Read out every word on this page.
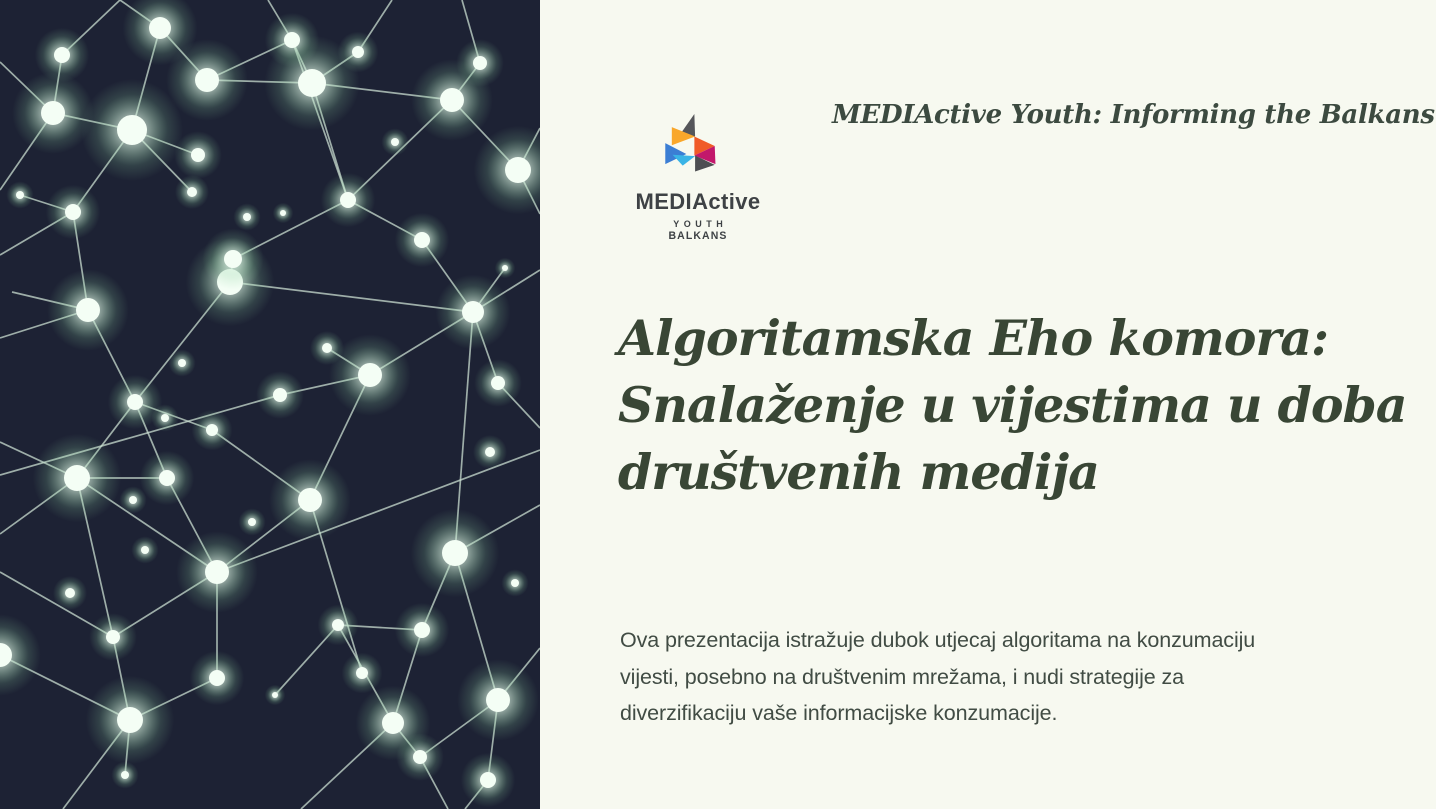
MEDIActive
YOUTH
BALKANS
MEDIActive Youth: Informing the Balkans
Algoritamska Eho komora:
Snalaženje u vijestima u doba
društvenih medija
Ova prezentacija istražuje dubok utjecaj algoritama na konzumaciju
vijesti, posebno na društvenim mrežama, i nudi strategije za
diverzifikaciju vaše informacijske konzumacije.
